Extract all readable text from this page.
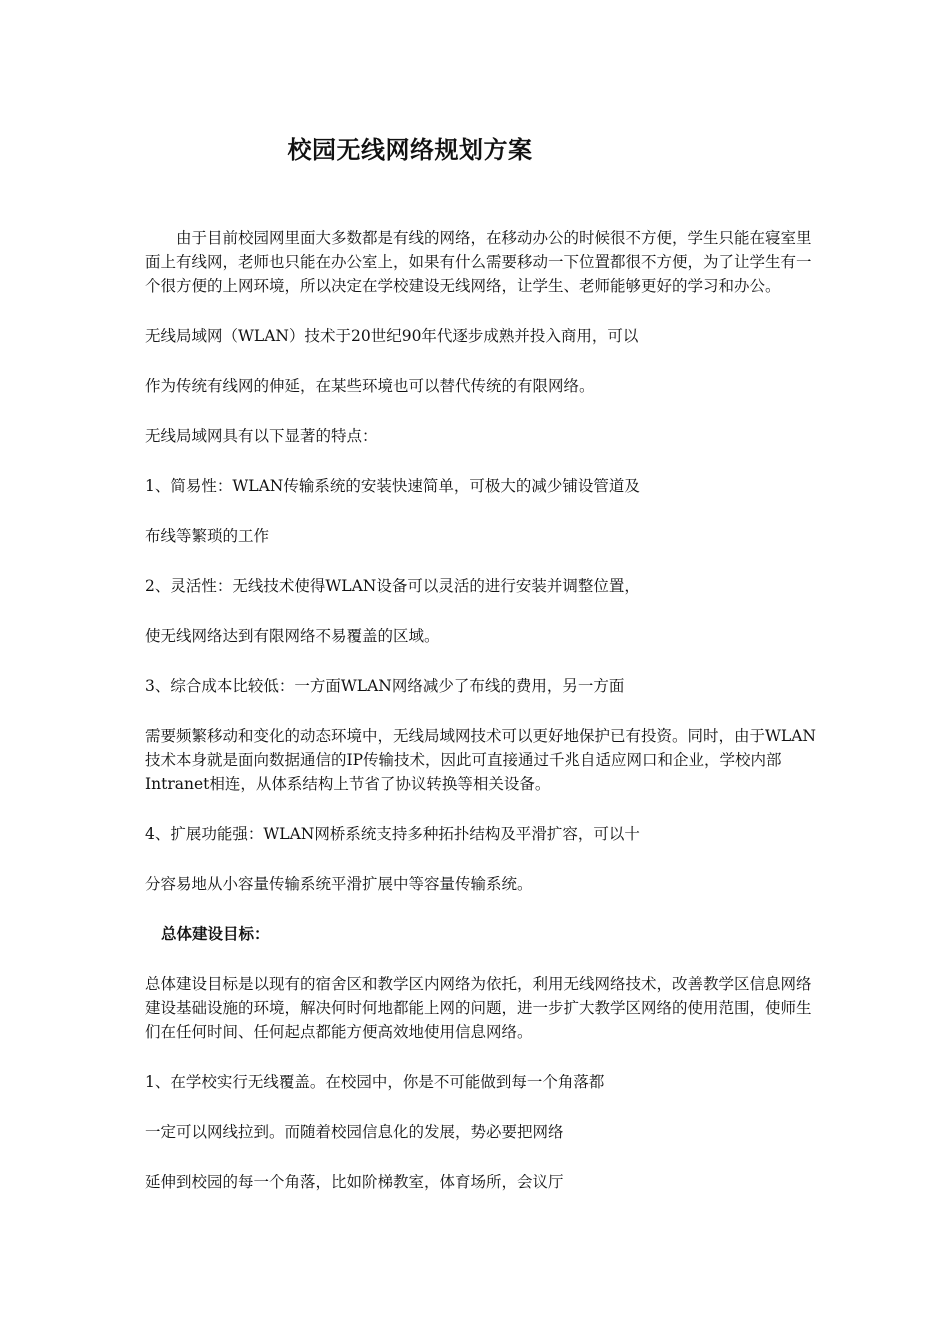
校园无线网络规划方案

由于目前校园网里面大多数都是有线的网络，在移动办公的时候很不方便，学生只能在寝室里面上有线网，老师也只能在办公室上，如果有什么需要移动一下位置都很不方便，为了让学生有一个很方便的上网环境，所以决定在学校建设无线网络，让学生、老师能够更好的学习和办公。

无线局域网（WLAN）技术于20世纪90年代逐步成熟并投入商用，可以

作为传统有线网的伸延，在某些环境也可以替代传统的有限网络。

无线局域网具有以下显著的特点：

1、简易性：WLAN传输系统的安装快速简单，可极大的减少铺设管道及

布线等繁琐的工作

2、灵活性：无线技术使得WLAN设备可以灵活的进行安装并调整位置，

使无线网络达到有限网络不易覆盖的区域。

3、综合成本比较低：一方面WLAN网络减少了布线的费用，另一方面

需要频繁移动和变化的动态环境中，无线局域网技术可以更好地保护已有投资。同时，由于WLAN技术本身就是面向数据通信的IP传输技术，因此可直接通过千兆自适应网口和企业，学校内部Intranet相连，从体系结构上节省了协议转换等相关设备。

4、扩展功能强：WLAN网桥系统支持多种拓扑结构及平滑扩容，可以十

分容易地从小容量传输系统平滑扩展中等容量传输系统。

总体建设目标：

总体建设目标是以现有的宿舍区和教学区内网络为依托，利用无线网络技术，改善教学区信息网络建设基础设施的环境，解决何时何地都能上网的问题，进一步扩大教学区网络的使用范围，使师生们在任何时间、任何起点都能方便高效地使用信息网络。

1、在学校实行无线覆盖。在校园中，你是不可能做到每一个角落都

一定可以网线拉到。而随着校园信息化的发展，势必要把网络

延伸到校园的每一个角落，比如阶梯教室，体育场所，会议厅
